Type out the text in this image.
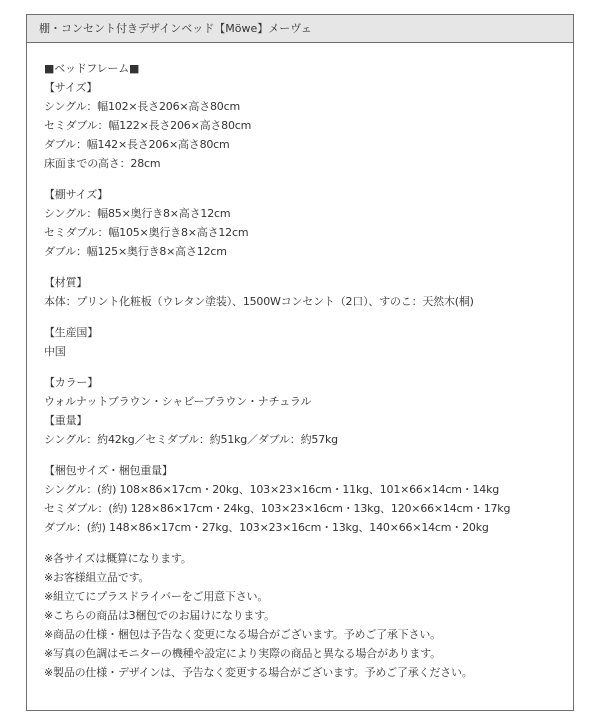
棚・コンセント付きデザインベッド【Möwe】メーヴェ
■ベッドフレーム■
【サイズ】
シングル：幅102×長さ206×高さ80cm
セミダブル：幅122×長さ206×高さ80cm
ダブル：幅142×長さ206×高さ80cm
床面までの高さ：28cm
【棚サイズ】
シングル：幅85×奥行き8×高さ12cm
セミダブル：幅105×奥行き8×高さ12cm
ダブル：幅125×奥行き8×高さ12cm
【材質】
本体：プリント化粧板（ウレタン塗装）、1500Wコンセント（2口）、すのこ：天然木(桐)
【生産国】
中国
【カラー】
ウォルナットブラウン・シャビーブラウン・ナチュラル
【重量】
シングル：約42kg／セミダブル：約51kg／ダブル：約57kg
【梱包サイズ・梱包重量】
シングル：(約) 108×86×17cm・20kg、103×23×16cm・11kg、101×66×14cm・14kg
セミダブル：(約) 128×86×17cm・24kg、103×23×16cm・13kg、120×66×14cm・17kg
ダブル：(約) 148×86×17cm・27kg、103×23×16cm・13kg、140×66×14cm・20kg
※各サイズは概算になります。
※お客様組立品です。
※組立てにプラスドライバーをご用意下さい。
※こちらの商品は3梱包でのお届けになります。
※商品の仕様・梱包は予告なく変更になる場合がございます。予めご了承下さい。
※写真の色調はモニターの機種や設定により実際の商品と異なる場合があります。
※製品の仕様・デザインは、予告なく変更する場合がございます。予めご了承ください。
